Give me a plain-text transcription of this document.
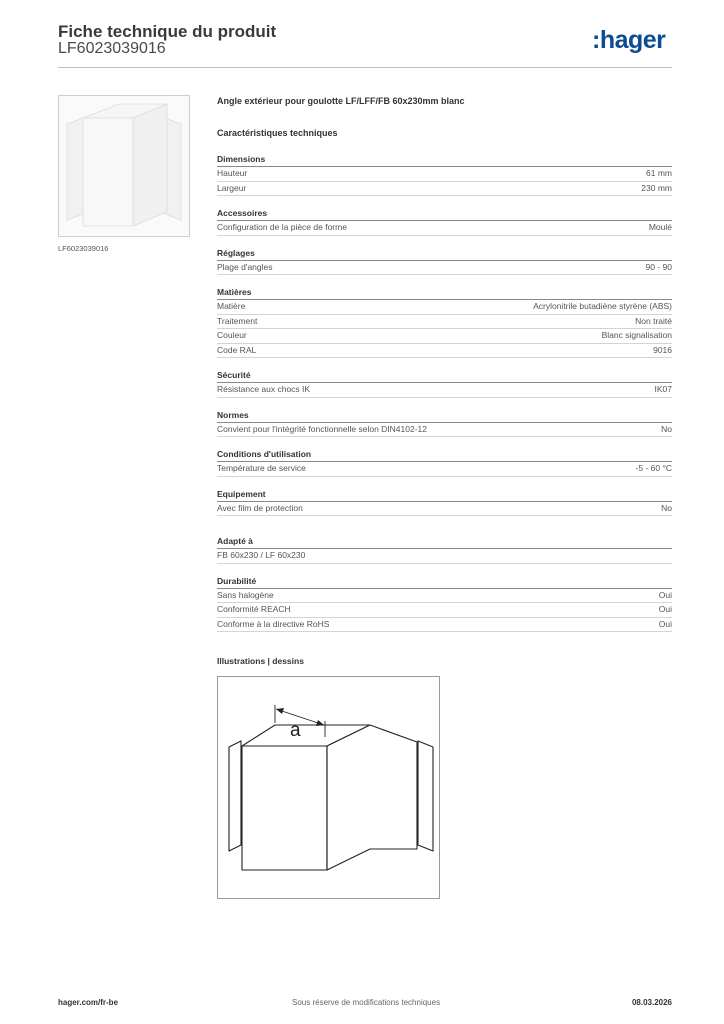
Fiche technique du produit
LF6023039016	:hager
LF6023039016
Angle extérieur pour goulotte LF/LFF/FB 60x230mm blanc
Caractéristiques techniques
Dimensions
Hauteur	61 mm
Largeur	230 mm
Accessoires
Configuration de la pièce de forme	Moulé
Réglages
Plage d'angles	90 - 90
Matières
Matière	Acrylonitrile butadiène styrène (ABS)
Traitement	Non traité
Couleur	Blanc signalisation
Code RAL	9016
Sécurité
Résistance aux chocs IK	IK07
Normes
Convient pour l'intégrité fonctionnelle selon DIN4102-12	No
Conditions d'utilisation
Température de service	-5 - 60 °C
Equipement
Avec film de protection	No
Adapté à
FB 60x230 / LF 60x230
Durabilité
Sans halogène	Oui
Conformité REACH	Oui
Conforme à la directive RoHS	Oui
Illustrations | dessins
a
hager.com/fr-be	Sous réserve de modifications techniques	08.03.2026
